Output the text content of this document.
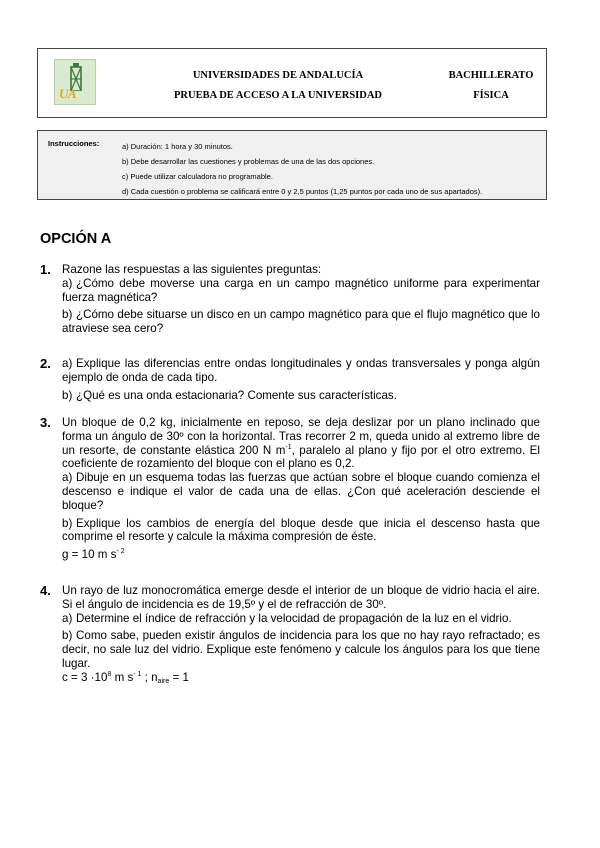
UA
UNIVERSIDADES DE ANDALUCÍA
PRUEBA DE ACCESO A LA UNIVERSIDAD
BACHILLERATO
FÍSICA
Instrucciones:	a) Duración: 1 hora y 30 minutos.
b) Debe desarrollar las cuestiones y problemas de una de las dos opciones.
c) Puede utilizar calculadora no programable.
d) Cada cuestión o problema se calificará entre 0 y 2,5 puntos (1,25 puntos por cada uno de sus apartados).
OPCIÓN A
1. Razone las respuestas a las siguientes preguntas:
a) ¿Cómo debe moverse una carga en un campo magnético uniforme para experimentar fuerza magnética?
b) ¿Cómo debe situarse un disco en un campo magnético para que el flujo magnético que lo atraviese sea cero?
2. a) Explique las diferencias entre ondas longitudinales y ondas transversales y ponga algún ejemplo de onda de cada tipo.
b) ¿Qué es una onda estacionaria? Comente sus características.
3. Un bloque de 0,2 kg, inicialmente en reposo, se deja deslizar por un plano inclinado que forma un ángulo de 30º con la horizontal. Tras recorrer 2 m, queda unido al extremo libre de un resorte, de constante elástica 200 N $m^{-1}$, paralelo al plano y fijo por el otro extremo. El coeficiente de rozamiento del bloque con el plano es 0,2.
a) Dibuje en un esquema todas las fuerzas que actúan sobre el bloque cuando comienza el descenso e indique el valor de cada una de ellas. ¿Con qué aceleración desciende el bloque?
b) Explique los cambios de energía del bloque desde que inicia el descenso hasta que comprime el resorte y calcule la máxima compresión de éste.
g = 10 m $s^{- 2}$
4. Un rayo de luz monocromática emerge desde el interior de un bloque de vidrio hacia el aire. Si el ángulo de incidencia es de 19,5º y el de refracción de 30º.
a) Determine el índice de refracción y la velocidad de propagación de la luz en el vidrio.
b) Como sabe, pueden existir ángulos de incidencia para los que no hay rayo refractado; es decir, no sale luz del vidrio. Explique este fenómeno y calcule los ángulos para los que tiene lugar.
$c = 3 \cdot 10^8$ m $s^{- 1}$ ; $n_{aire} = 1$
